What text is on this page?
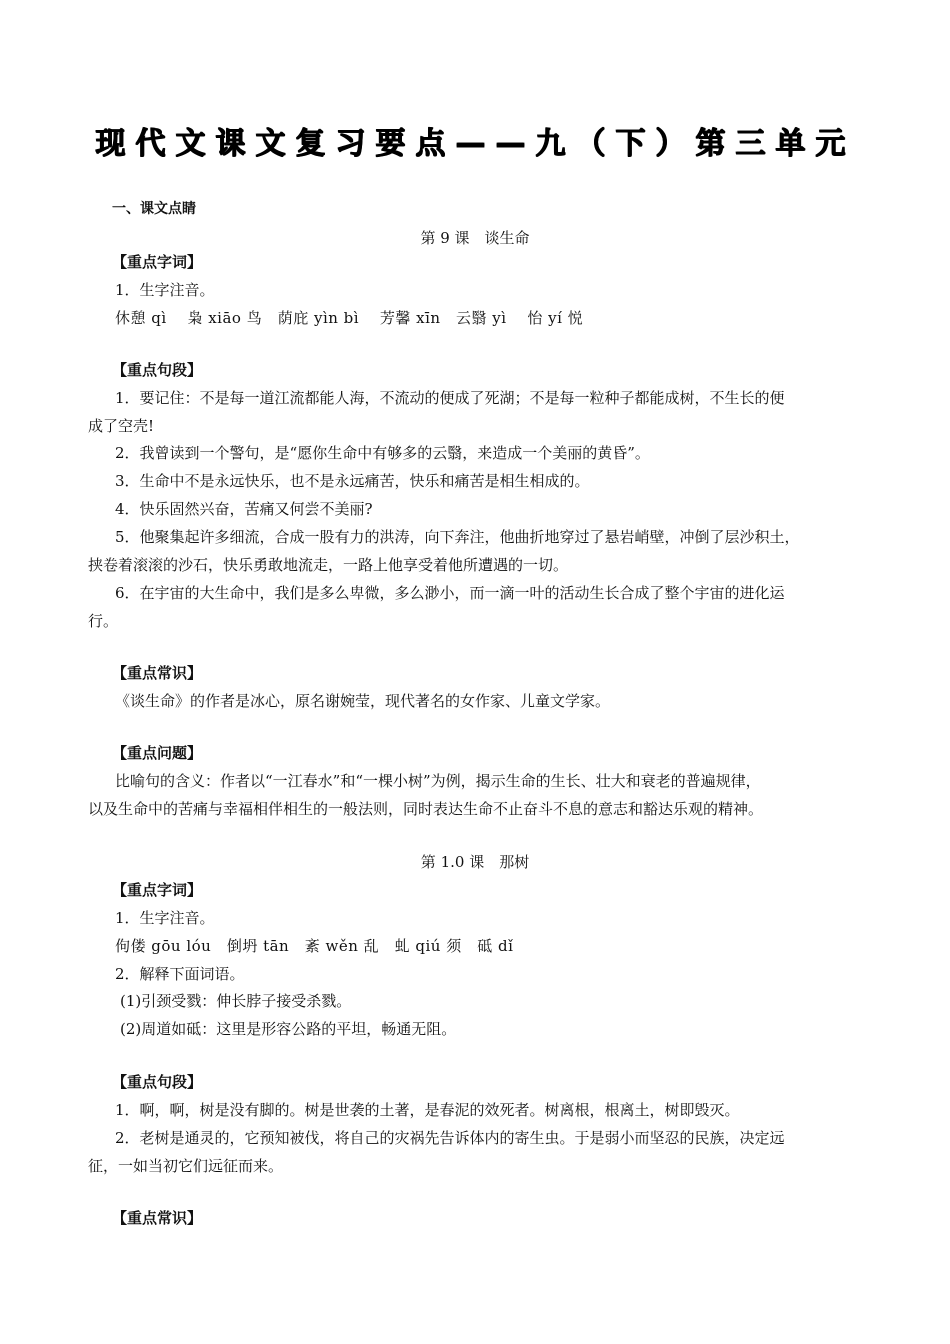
现代文课文复习要点——九（下）第三单元
一、课文点睛
第 9 课　谈生命
【重点字词】
1．生字注音。
休憩 qì　 枭 xiāo 鸟　荫庇 yìn bì　 芳馨 xīn　云翳 yì　 怡 yí 悦
【重点句段】
1．要记住：不是每一道江流都能人海，不流动的便成了死湖；不是每一粒种子都能成树，不生长的便
成了空壳!
2．我曾读到一个警句，是“愿你生命中有够多的云翳，来造成一个美丽的黄昏”。
3．生命中不是永远快乐，也不是永远痛苦，快乐和痛苦是相生相成的。
4．快乐固然兴奋，苦痛又何尝不美丽?
5．他聚集起许多细流，合成一股有力的洪涛，向下奔注，他曲折地穿过了悬岩峭壁，冲倒了层沙积土，
挟卷着滚滚的沙石，快乐勇敢地流走，一路上他享受着他所遭遇的一切。
6．在宇宙的大生命中，我们是多么卑微，多么渺小，而一滴一叶的活动生长合成了整个宇宙的进化运
行。
【重点常识】
《谈生命》的作者是冰心，原名谢婉莹，现代著名的女作家、儿童文学家。
【重点问题】
比喻句的含义：作者以“一江春水”和“一棵小树”为例，揭示生命的生长、壮大和衰老的普遍规律，
以及生命中的苦痛与幸福相伴相生的一般法则，同时表达生命不止奋斗不息的意志和豁达乐观的精神。
第 1.0 课　那树
【重点字词】
1．生字注音。
佝偻 gōu lóu　倒坍 tān　紊 wěn 乱　虬 qiú 须　砥 dǐ
2．解释下面词语。
(1)引颈受戮：伸长脖子接受杀戮。
(2)周道如砥：这里是形容公路的平坦，畅通无阻。
【重点句段】
1．啊，啊，树是没有脚的。树是世袭的土著，是春泥的效死者。树离根，根离土，树即毁灭。
2．老树是通灵的，它预知被伐，将自己的灾祸先告诉体内的寄生虫。于是弱小而坚忍的民族，决定远
征，一如当初它们远征而来。
【重点常识】
